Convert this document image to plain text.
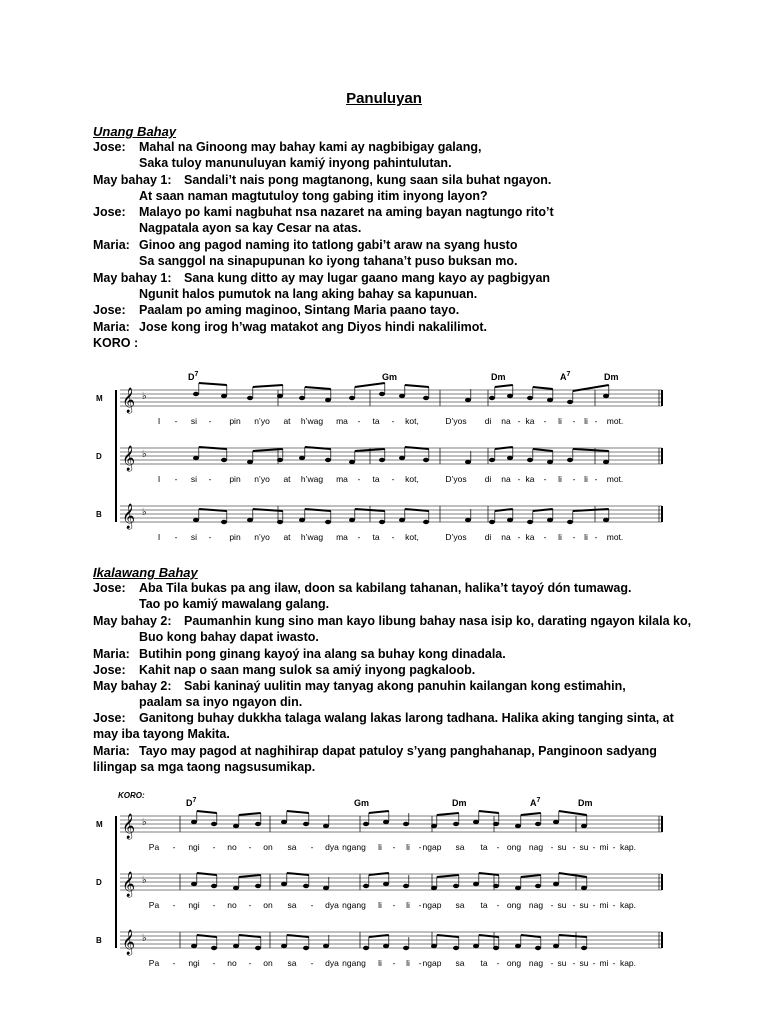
Panuluyan
Unang Bahay
Jose: Mahal na Ginoong may bahay kami ay nagbibigay galang,
Saka tuloy manunuluyan kamiý inyong pahintulutan.
May bahay 1: Sandali’t nais pong magtanong, kung saan sila buhat ngayon.
At saan naman magtutuloy tong gabing itim inyong layon?
Jose: Malayo po kami nagbuhat nsa nazaret na aming bayan nagtungo rito’t
Nagpatala ayon sa kay Cesar na atas.
Maria: Ginoo ang pagod naming ito tatlong gabi’t araw na syang husto
Sa sanggol na sinapupunan ko iyong tahana’t puso buksan mo.
May bahay 1: Sana kung ditto ay may lugar gaano mang kayo ay pagbigyan
Ngunit halos pumutok na lang aking bahay sa kapunuan.
Jose: Paalam po aming maginoo, Sintang Maria paano tayo.
Maria: Jose kong irog h’wag matakot ang Diyos hindi nakalilimot.
KORO :
$D^7$	Gm	Dm	$A^7$	Dm
M 𝄞 ♭
I - si - pin n’yo at h’wag ma - ta - kot,	D’yos di na - ka - li - li - mot.
D 𝄞 ♭
I - si - pin n’yo at h’wag ma - ta - kot,	D’yos di na - ka - li - li - mot.
B 𝄞 ♭
I - si - pin n’yo at h’wag ma - ta - kot,	D’yos di na - ka - li - li - mot.
Ikalawang Bahay
Jose: Aba Tila bukas pa ang ilaw, doon sa kabilang tahanan, halika’t tayoý dón tumawag.
Tao po kamiý mawalang galang.
May bahay 2: Paumanhin kung sino man kayo libung bahay nasa isip ko, darating ngayon kilala ko,
Buo kong bahay dapat iwasto.
Maria: Butihin pong ginang kayoý ina alang sa buhay kong dinadala.
Jose: Kahit nap o saan mang sulok sa amiý inyong pagkaloob.
May bahay 2: Sabi kaninaý uulitin may tanyag akong panuhin kailangan kong estimahin,
paalam sa inyo ngayon din.
Jose: Ganitong buhay dukkha talaga walang lakas larong tadhana. Halika aking tanging sinta, at
may iba tayong Makita.
Maria: Tayo may pagod at naghihirap dapat patuloy s’yang panghahanap, Panginoon sadyang
lilingap sa mga taong nagsusumikap.
KORO:
$D^7$	Gm	Dm	$A^7$	Dm
M 𝄞 ♭
Pa - ngi - no - on sa - dya ngang li - li - ngap sa ta - ong nag - su - su - mi - kap.
D 𝄞 ♭
Pa - ngi - no - on sa - dya ngang li - li - ngap sa ta - ong nag - su - su - mi - kap.
B 𝄞 ♭
Pa - ngi - no - on sa - dya ngang li - li - ngap sa ta - ong nag - su - su - mi - kap.
